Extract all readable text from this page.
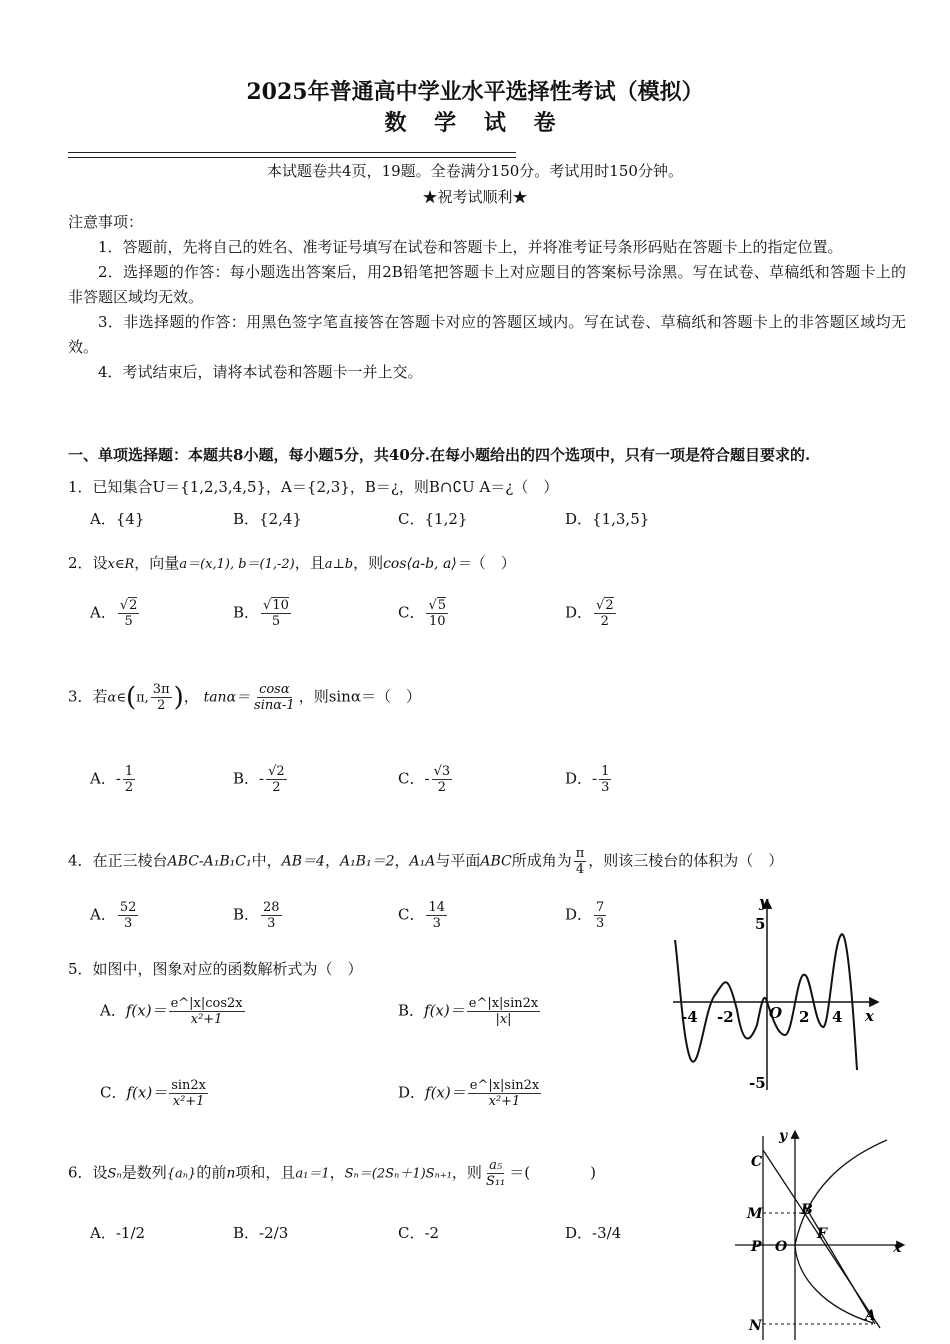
2025年普通高中学业水平选择性考试（模拟）
数 学 试 卷
本试题卷共4页，19题。全卷满分150分。考试用时150分钟。
★祝考试顺利★

注意事项：

1．答题前，先将自己的姓名、准考证号填写在试卷和答题卡上，并将准考证号条形码贴在答题卡上的指定位置。

2．选择题的作答：每小题选出答案后，用2B铅笔把答题卡上对应题目的答案标号涂黑。写在试卷、草稿纸和答题卡上的非答题区域均无效。

3．非选择题的作答：用黑色签字笔直接答在答题卡对应的答题区域内。写在试卷、草稿纸和答题卡上的非答题区域均无效。

4．考试结束后，请将本试卷和答题卡一并上交。

一、单项选择题：本题共8小题，每小题5分，共40分.在每小题给出的四个选项中，只有一项是符合题目要求的.
1．已知集合U＝{1,2,3,4,5}，A＝{2,3}，B＝¿，则B∩∁U A＝¿（　）
A．{4}	B．{2,4}	C．{1,2}	D．{1,3,5}
2．设x∈R，向量a＝(x,1), b＝(1,-2)，且a⊥b，则cos⟨a-b, a⟩＝（　）
A． $\frac{√2}{5}$	B． $\frac{√10}{5}$	C． $\frac{√5}{10}$	D． $\frac{√2}{2}$
3．若α∈(π, $\frac{3\pi}{2}$ )， $\tan\alpha= \frac{\cos\alpha}{\sin\alpha-1}$ ，则sinα＝（　）
A．- $\frac{1}{2}$	B．- $\frac{√2}{2}$	C．- $\frac{√3}{2}$	D．- $\frac{1}{3}$
4．在正三棱台ABC-A₁B₁C₁中，AB＝4，A₁B₁＝2，A₁A与平面ABC所成角为 $\frac{\pi}{4}$ ，则该三棱台的体积为（　）
A． $\frac{52}{3}$	B． $\frac{28}{3}$	C． $\frac{14}{3}$	D． $\frac{7}{3}$
5．如图中，图象对应的函数解析式为（　）
A．$f(x)= \frac{e\^{}|x|\cos 2x}{\text{x²+1}}$	B．$f(x)= \frac{e\^{}|x|\sin 2x}{|x|}$
C．$f(x)= \frac{\sin 2x}{\text{x²+1}}$	D．$f(x)= \frac{e\^{}|x|\sin 2x}{\text{x²+1}}$
y
x
5
-5
-4 -2 O 2 4
6．设Sₙ是数列{aₙ}的前n项和，且a₁＝1，Sₙ＝(2Sₙ＋1)Sₙ₊₁，则 $\frac{\text{a₅}}{\text{S₁₁}}$ ＝(　　　　)
A．-1/2	B．-2/3	C．-2	D．-3/4
y
x
C
M	B
F
P O
N
A
